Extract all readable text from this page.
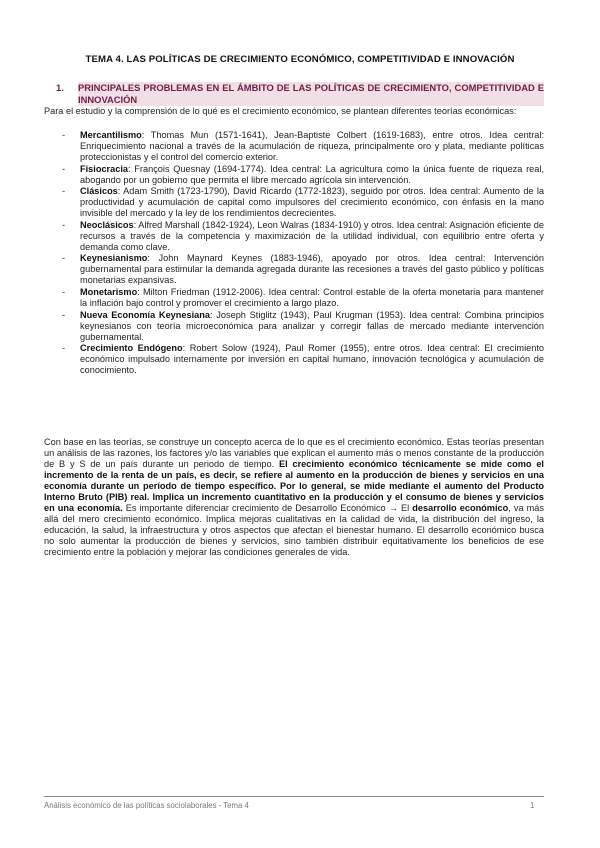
TEMA 4. LAS POLÍTICAS DE CRECIMIENTO ECONÓMICO, COMPETITIVIDAD E INNOVACIÓN
1. PRINCIPALES PROBLEMAS EN EL ÁMBITO DE LAS POLÍTICAS DE CRECIMIENTO, COMPETITIVIDAD E INNOVACIÓN
Para el estudio y la comprensión de lo qué es el crecimiento económico, se plantean diferentes teorías económicas:
- Mercantilismo: Thomas Mun (1571-1641), Jean-Baptiste Colbert (1619-1683), entre otros. Idea central: Enriquecimiento nacional a través de la acumulación de riqueza, principalmente oro y plata, mediante políticas proteccionistas y el control del comercio exterior.
- Fisiocracia: François Quesnay (1694-1774). Idea central: La agricultura como la única fuente de riqueza real, abogando por un gobierno que permita el libre mercado agrícola sin intervención.
- Clásicos: Adam Smith (1723-1790), David Ricardo (1772-1823), seguido por otros. Idea central: Aumento de la productividad y acumulación de capital como impulsores del crecimiento económico, con énfasis en la mano invisible del mercado y la ley de los rendimientos decrecientes.
- Neoclásicos: Alfred Marshall (1842-1924), Leon Walras (1834-1910) y otros. Idea central: Asignación eficiente de recursos a través de la competencia y maximización de la utilidad individual, con equilibrio entre oferta y demanda como clave.
- Keynesianismo: John Maynard Keynes (1883-1946), apoyado por otros. Idea central: Intervención gubernamental para estimular la demanda agregada durante las recesiones a través del gasto público y políticas monetarias expansivas.
- Monetarismo: Milton Friedman (1912-2006). Idea central: Control estable de la oferta monetaria para mantener la inflación bajo control y promover el crecimiento a largo plazo.
- Nueva Economía Keynesiana: Joseph Stiglitz (1943), Paul Krugman (1953). Idea central: Combina principios keynesianos con teoría microeconómica para analizar y corregir fallas de mercado mediante intervención gubernamental.
- Crecimiento Endógeno: Robert Solow (1924), Paul Romer (1955), entre otros. Idea central: El crecimiento económico impulsado internamente por inversión en capital humano, innovación tecnológica y acumulación de conocimiento.
Con base en las teorías, se construye un concepto acerca de lo que es el crecimiento económico. Estas teorías presentan un análisis de las razones, los factores y/o las variables que explican el aumento más o menos constante de la producción de B y S de un país durante un periodo de tiempo. El crecimiento económico técnicamente se mide como el incremento de la renta de un país, es decir, se refiere al aumento en la producción de bienes y servicios en una economía durante un período de tiempo específico. Por lo general, se mide mediante el aumento del Producto Interno Bruto (PIB) real. Implica un incremento cuantitativo en la producción y el consumo de bienes y servicios en una economía. Es importante diferenciar crecimiento de Desarrollo Económico → El desarrollo económico, va más allá del mero crecimiento económico. Implica mejoras cualitativas en la calidad de vida, la distribución del ingreso, la educación, la salud, la infraestructura y otros aspectos que afectan el bienestar humano. El desarrollo económico busca no solo aumentar la producción de bienes y servicios, sino también distribuir equitativamente los beneficios de ese crecimiento entre la población y mejorar las condiciones generales de vida.
Análisis económico de las políticas sociolaborales - Tema 4	1
